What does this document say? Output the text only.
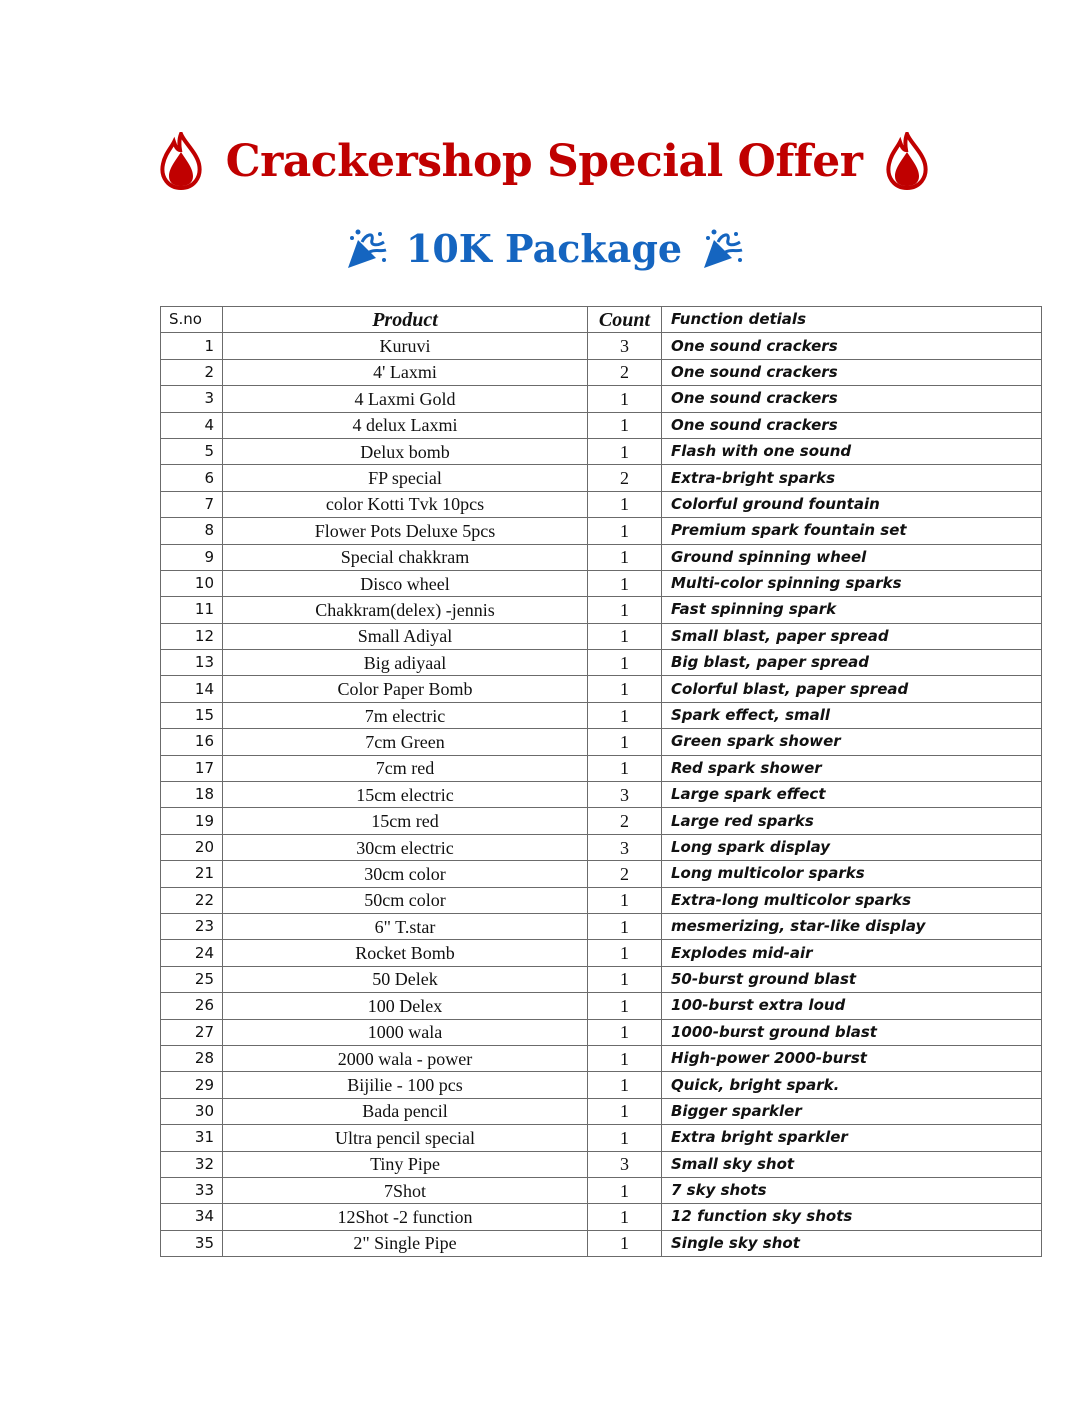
Crackershop Special Offer
10K Package
S.no	Product	Count	Function detials
1	Kuruvi	3	One sound crackers
2	4' Laxmi	2	One sound crackers
3	4 Laxmi Gold	1	One sound crackers
4	4 delux Laxmi	1	One sound crackers
5	Delux bomb	1	Flash with one sound
6	FP special	2	Extra-bright sparks
7	color Kotti Tvk 10pcs	1	Colorful ground fountain
8	Flower Pots Deluxe 5pcs	1	Premium spark fountain set
9	Special chakkram	1	Ground spinning wheel
10	Disco wheel	1	Multi-color spinning sparks
11	Chakkram(delex) -jennis	1	Fast spinning spark
12	Small Adiyal	1	Small blast, paper spread
13	Big adiyaal	1	Big blast, paper spread
14	Color Paper Bomb	1	Colorful blast, paper spread
15	7m electric	1	Spark effect, small
16	7cm Green	1	Green spark shower
17	7cm red	1	Red spark shower
18	15cm electric	3	Large spark effect
19	15cm red	2	Large red sparks
20	30cm electric	3	Long spark display
21	30cm color	2	Long multicolor sparks
22	50cm color	1	Extra-long multicolor sparks
23	6" T.star	1	mesmerizing, star-like display
24	Rocket Bomb	1	Explodes mid-air
25	50 Delek	1	50-burst ground blast
26	100 Delex	1	100-burst extra loud
27	1000 wala	1	1000-burst ground blast
28	2000 wala - power	1	High-power 2000-burst
29	Bijilie - 100 pcs	1	Quick, bright spark.
30	Bada pencil	1	Bigger sparkler
31	Ultra pencil special	1	Extra bright sparkler
32	Tiny Pipe	3	Small sky shot
33	7Shot	1	7 sky shots
34	12Shot -2 function	1	12 function sky shots
35	2" Single Pipe	1	Single sky shot
